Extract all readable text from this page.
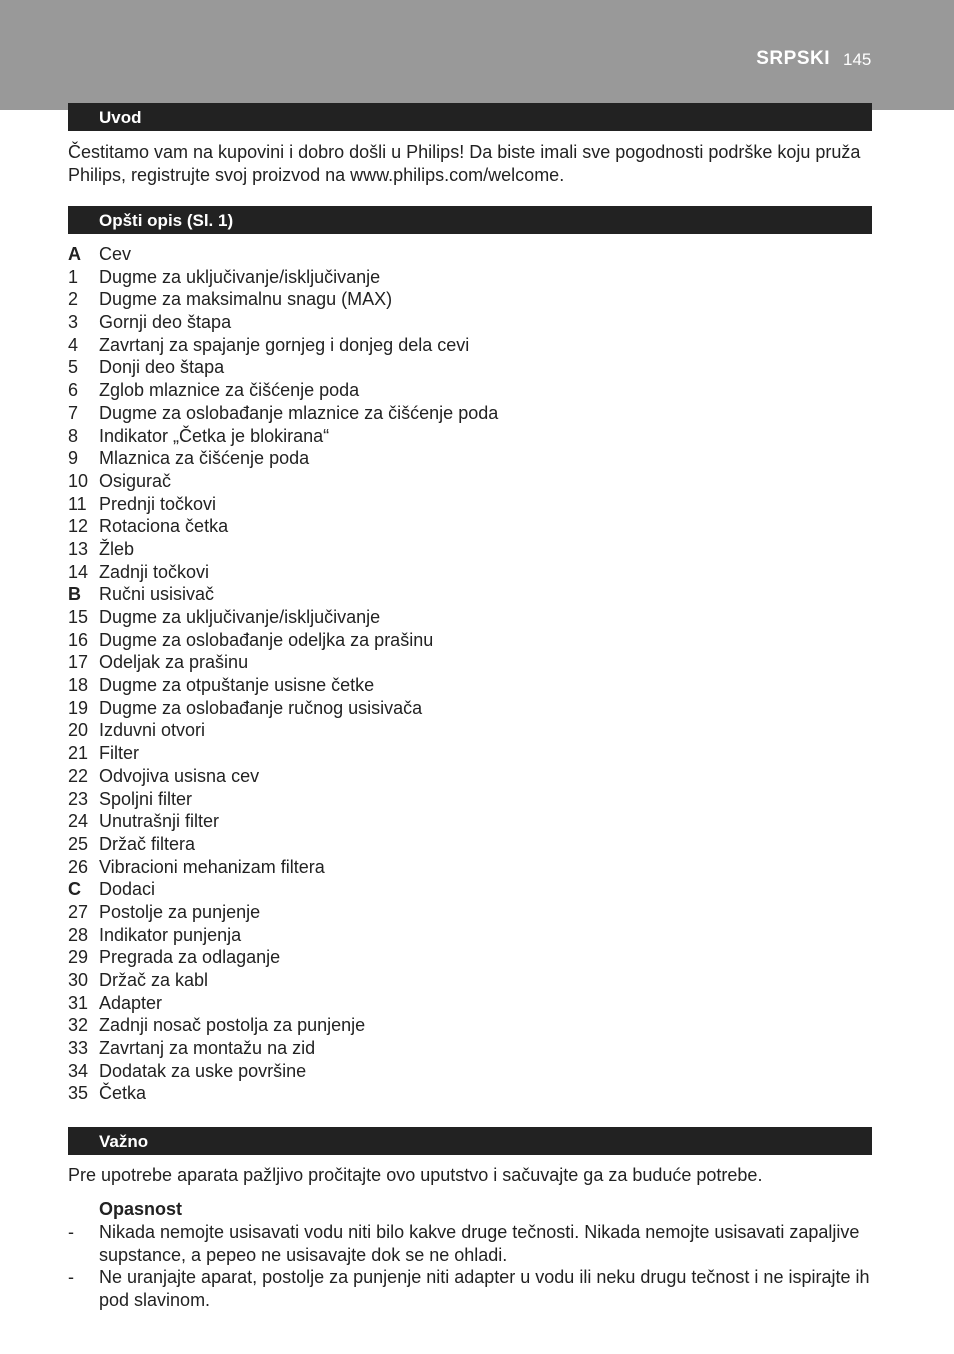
SRPSKI 145
Uvod
Čestitamo vam na kupovini i dobro došli u Philips! Da biste imali sve pogodnosti podrške koju pruža Philips, registrujte svoj proizvod na www.philips.com/welcome.
Opšti opis (Sl. 1)
A	Cev
1	Dugme za uključivanje/isključivanje
2	Dugme za maksimalnu snagu (MAX)
3	Gornji deo štapa
4	Zavrtanj za spajanje gornjeg i donjeg dela cevi
5	Donji deo štapa
6	Zglob mlaznice za čišćenje poda
7	Dugme za oslobađanje mlaznice za čišćenje poda
8	Indikator „Četka je blokirana“
9	Mlaznica za čišćenje poda
10 Osigurač
11 Prednji točkovi
12 Rotaciona četka
13 Žleb
14 Zadnji točkovi
B	Ručni usisivač
15 Dugme za uključivanje/isključivanje
16 Dugme za oslobađanje odeljka za prašinu
17 Odeljak za prašinu
18 Dugme za otpuštanje usisne četke
19 Dugme za oslobađanje ručnog usisivača
20 Izduvni otvori
21 Filter
22 Odvojiva usisna cev
23 Spoljni filter
24 Unutrašnji filter
25 Držač filtera
26 Vibracioni mehanizam filtera
C	Dodaci
27 Postolje za punjenje
28 Indikator punjenja
29 Pregrada za odlaganje
30 Držač za kabl
31 Adapter
32 Zadnji nosač postolja za punjenje
33 Zavrtanj za montažu na zid
34 Dodatak za uske površine
35 Četka
Važno
Pre upotrebe aparata pažljivo pročitajte ovo uputstvo i sačuvajte ga za buduće potrebe.
Opasnost
-	Nikada nemojte usisavati vodu niti bilo kakve druge tečnosti. Nikada nemojte usisavati zapaljive supstance, a pepeo ne usisavajte dok se ne ohladi.
-	Ne uranjajte aparat, postolje za punjenje niti adapter u vodu ili neku drugu tečnost i ne ispirajte ih pod slavinom.
